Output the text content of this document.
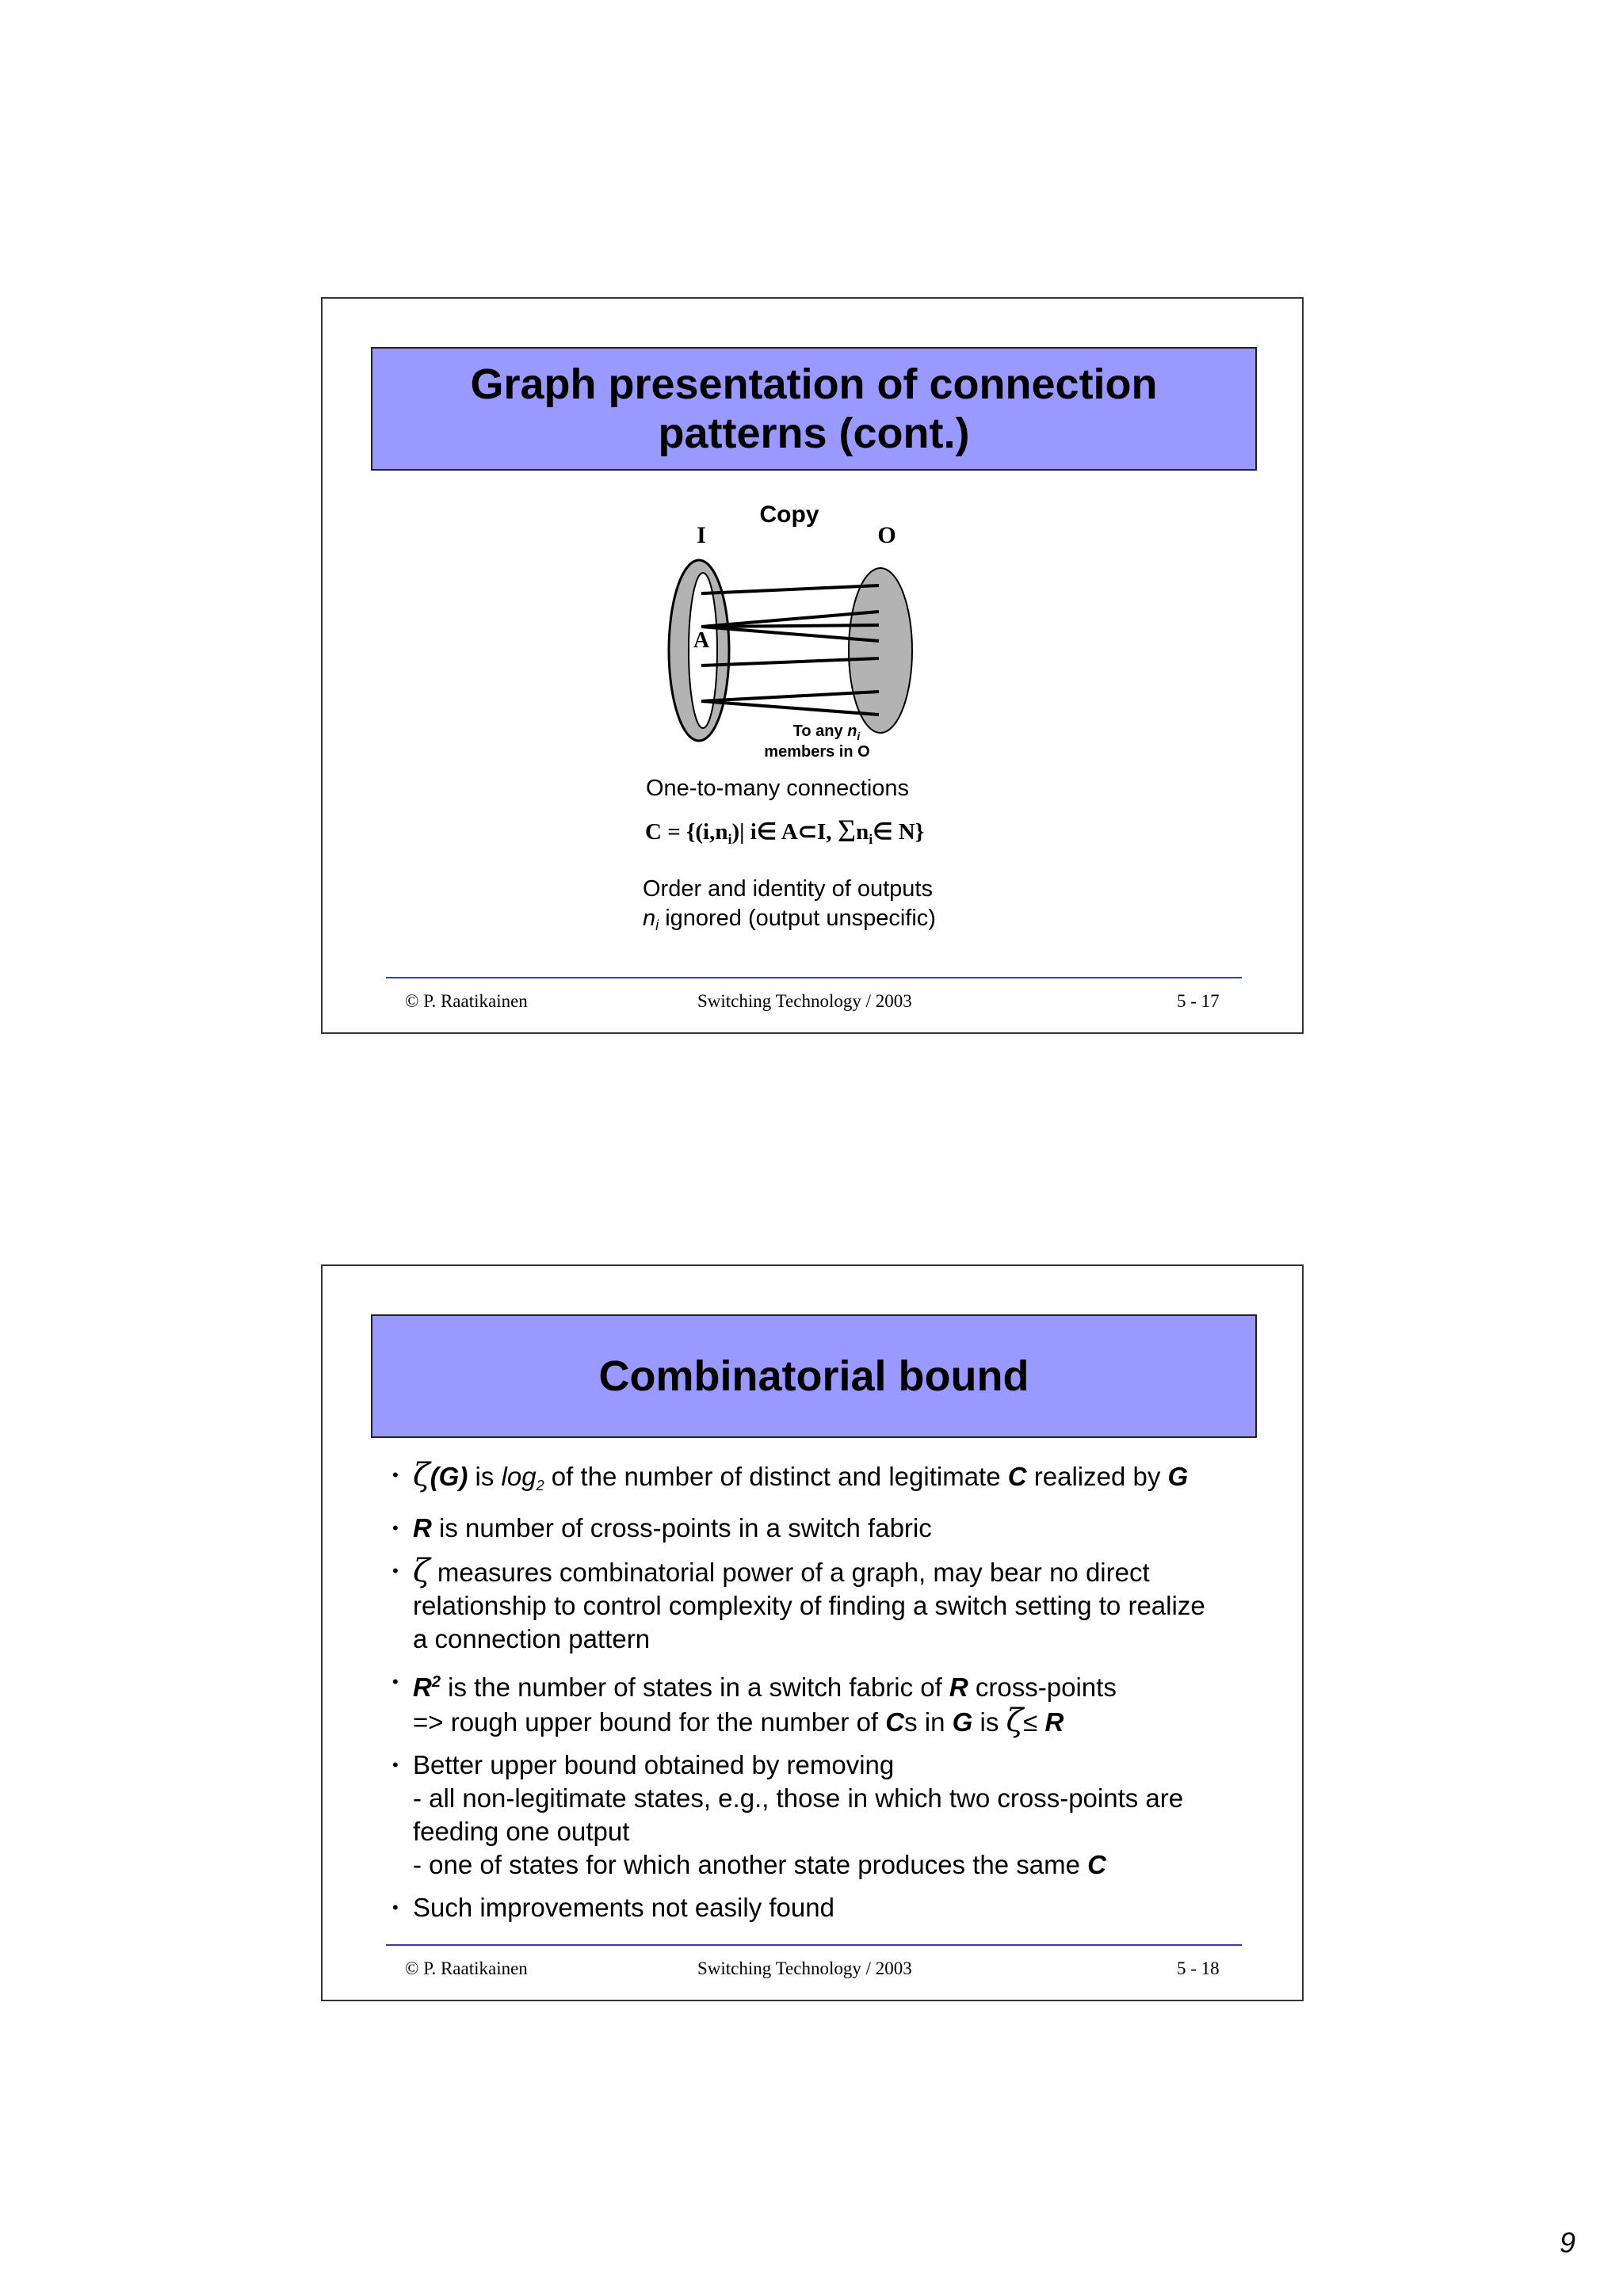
Graph presentation of connection
patterns (cont.)
Copy
I	O
A
To any $n_i$
members in O
One-to-many connections
$C = \{(i,n_i)|$ i∈ A⊂I, $\Sigma n_i\in$ N}
Order and identity of outputs
$n_i$ ignored (output unspecific)
© P. Raatikainen	Switching Technology / 2003	5 - 17
Combinatorial bound
• ζ(G) is $\log_2$ of the number of distinct and legitimate C realized by G
• R is number of cross-points in a switch fabric
• ζ measures combinatorial power of a graph, may bear no direct
relationship to control complexity of finding a switch setting to realize
a connection pattern
• $R^2$ is the number of states in a switch fabric of R cross-points
=> rough upper bound for the number of Cs in G is ζ≤ R
• Better upper bound obtained by removing
- all non-legitimate states, e.g., those in which two cross-points are
feeding one output
- one of states for which another state produces the same C
• Such improvements not easily found
© P. Raatikainen	Switching Technology / 2003	5 - 18
9
